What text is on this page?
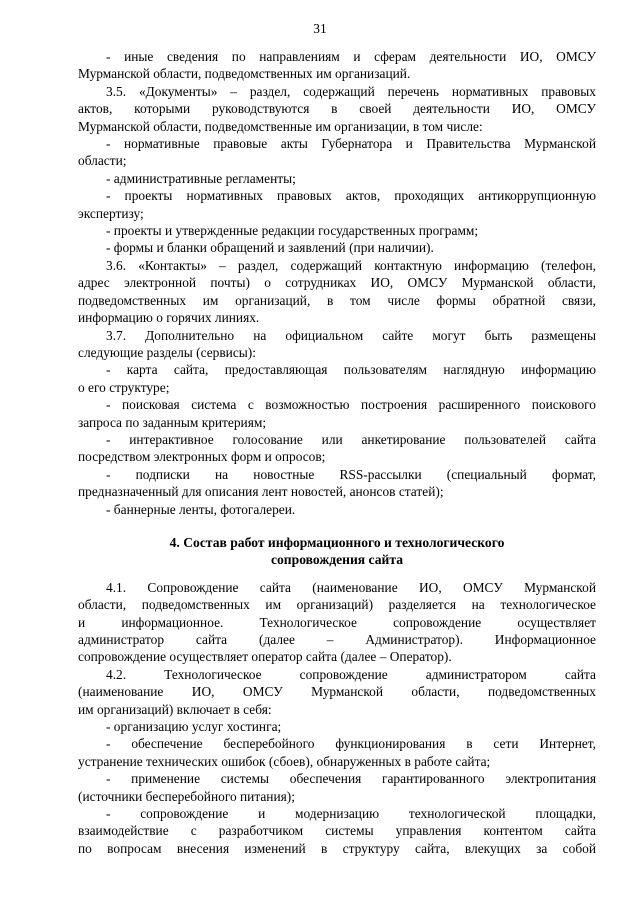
31
- иные сведения по направлениям и сферам деятельности ИО, ОМСУ
Мурманской области, подведомственных им организаций.
3.5. «Документы» – раздел, содержащий перечень нормативных правовых
актов, которыми руководствуются в своей деятельности ИО, ОМСУ
Мурманской области, подведомственные им организации, в том числе:
- нормативные правовые акты Губернатора и Правительства Мурманской
области;
- административные регламенты;
- проекты нормативных правовых актов, проходящих антикоррупционную
экспертизу;
- проекты и утвержденные редакции государственных программ;
- формы и бланки обращений и заявлений (при наличии).
3.6. «Контакты» – раздел, содержащий контактную информацию (телефон,
адрес электронной почты) о сотрудниках ИО, ОМСУ Мурманской области,
подведомственных им организаций, в том числе формы обратной связи,
информацию о горячих линиях.
3.7. Дополнительно на официальном сайте могут быть размещены
следующие разделы (сервисы):
- карта сайта, предоставляющая пользователям наглядную информацию
о его структуре;
- поисковая система с возможностью построения расширенного поискового
запроса по заданным критериям;
- интерактивное голосование или анкетирование пользователей сайта
посредством электронных форм и опросов;
- подписки на новостные RSS-рассылки (специальный формат,
предназначенный для описания лент новостей, анонсов статей);
- баннерные ленты, фотогалереи.
4. Состав работ информационного и технологического
сопровождения сайта
4.1. Сопровождение сайта (наименование ИО, ОМСУ Мурманской
области, подведомственных им организаций) разделяется на технологическое
и информационное. Технологическое сопровождение осуществляет
администратор сайта (далее – Администратор). Информационное
сопровождение осуществляет оператор сайта (далее – Оператор).
4.2. Технологическое сопровождение администратором сайта
(наименование ИО, ОМСУ Мурманской области, подведомственных
им организаций) включает в себя:
- организацию услуг хостинга;
- обеспечение бесперебойного функционирования в сети Интернет,
устранение технических ошибок (сбоев), обнаруженных в работе сайта;
- применение системы обеспечения гарантированного электропитания
(источники бесперебойного питания);
- сопровождение и модернизацию технологической площадки,
взаимодействие с разработчиком системы управления контентом сайта
по вопросам внесения изменений в структуру сайта, влекущих за собой
